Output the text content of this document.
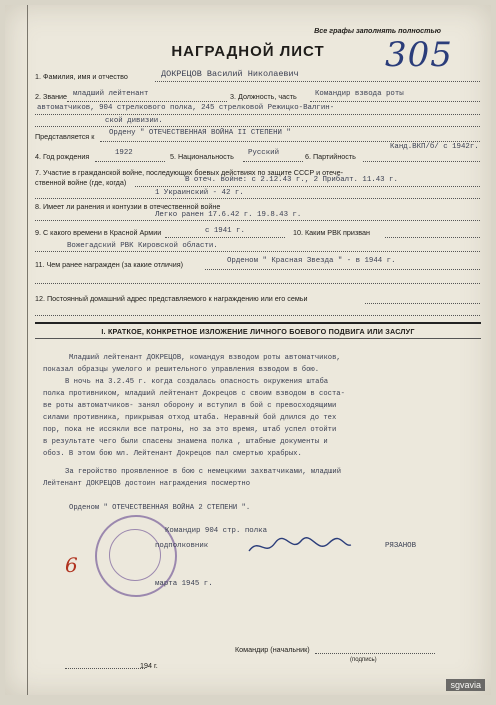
Все графы заполнять полностью
305
НАГРАДНОЙ ЛИСТ
1. Фамилия, имя и отчество	ДОКРЕЦОВ Василий Николаевич
2. Звание младший лейтенант	3. Должность, часть Командир взвода роты
автоматчиков, 904 стрелкового полка, 245 стрелковой Режицко-Валгин-
ской дивизии.
Представляется к Ордену " ОТЕЧЕСТВЕННАЯ ВОЙНА II СТЕПЕНИ "
4. Год рождения	1922	5. Национальность Русский	6. Партийность
Канд.ВКП/б/ с 1942г.
7. Участие в гражданской войне, последующих боевых действиях по защите СССР и отече-
ственной войне (где, когда)	В отеч. войне: с 2.12.43 г., 2 Прибалт. 11.43 г.
1 Украинский - 42 г.
8. Имеет ли ранения и контузии в отечественной войне
Легко ранен 17.6.42 г. 19.8.43 г.
9. С какого времени в Красной Армии	с 1941 г.	10. Каким РВК призван
Вожегадский РВК Кировской области.
11. Чем ранее награжден (за какие отличия)	Орденом " Красная Звезда " - в 1944 г.
12. Постоянный домашний адрес представляемого к награждению или его семьи
I. КРАТКОЕ, КОНКРЕТНОЕ ИЗЛОЖЕНИЕ ЛИЧНОГО БОЕВОГО ПОДВИГА ИЛИ ЗАСЛУГ
Младший лейтенант ДОКРЕЦОВ, командуя взводом роты автоматчиков,
показал образцы умелого и решительного управления взводом в бою.
В ночь на 3.2.45 г. когда создалась опасность окружения штаба
полка противником, младший лейтенант Докрецов с своим взводом в соста-
ве роты автоматчиков- занял оборону и вступил в бой с превосходящими
силами противника, прикрывая отход штаба. Неравный бой длился до тех
пор, пока не иссякли все патроны, но за это время, штаб успел отойти
в результате чего были спасены знамена полка , штабные документы и
обоз. В этом бою мл. Лейтенант Докрецов пал смертью храбрых.
За геройство проявленное в бою с немецкими захватчиками, младший
Лейтенант ДОКРЕЦОВ достоин награждения посмертно
Орденом " ОТЕЧЕСТВЕННАЯ ВОЙНА 2 СТЕПЕНИ ".
Командир 904 стр. полка
подполковник	РЯЗАНОВ
6
марта 1945 г.
194 г.
Командир (начальник)
(подпись)
sgvavia
